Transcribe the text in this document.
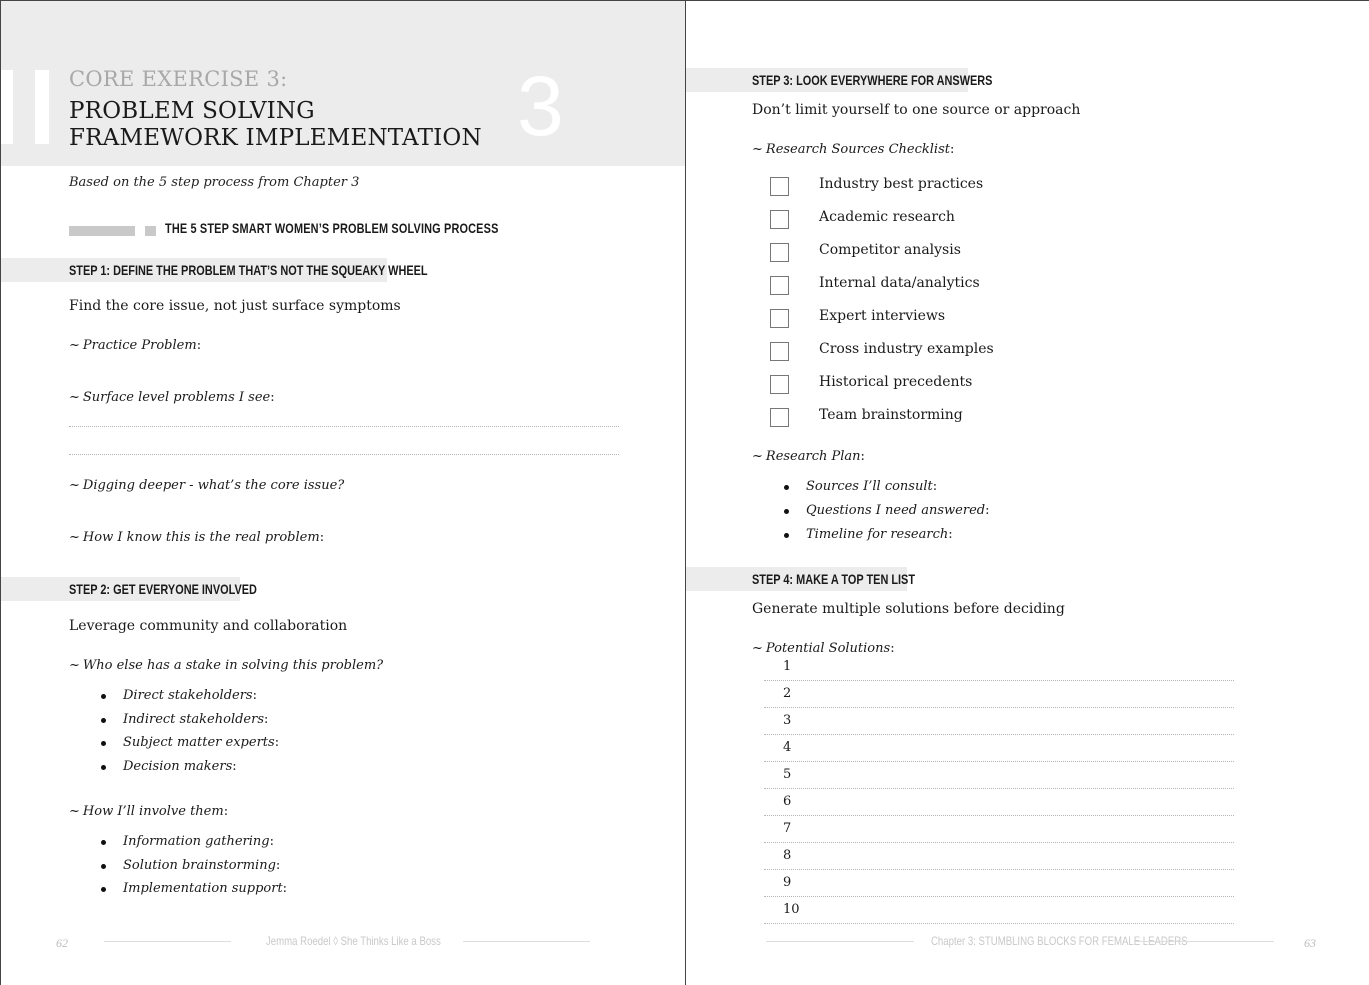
CORE EXERCISE 3:
PROBLEM SOLVING FRAMEWORK IMPLEMENTATION 3
Based on the 5 step process from Chapter 3
THE 5 STEP SMART WOMEN’S PROBLEM SOLVING PROCESS
STEP 1: DEFINE THE PROBLEM THAT’S NOT THE SQUEAKY WHEEL
Find the core issue, not just surface symptoms
~ Practice Problem:
~ Surface level problems I see:
~ Digging deeper - what’s the core issue?
~ How I know this is the real problem:
STEP 2: GET EVERYONE INVOLVED
Leverage community and collaboration
~ Who else has a stake in solving this problem?
Direct stakeholders:
Indirect stakeholders:
Subject matter experts:
Decision makers:
~ How I’ll involve them:
Information gathering:
Solution brainstorming:
Implementation support:
62	Jemma Roedel ◊ She Thinks Like a Boss
STEP 3: LOOK EVERYWHERE FOR ANSWERS
Don’t limit yourself to one source or approach
~ Research Sources Checklist:
Industry best practices
Academic research
Competitor analysis
Internal data/analytics
Expert interviews
Cross industry examples
Historical precedents
Team brainstorming
~ Research Plan:
Sources I’ll consult:
Questions I need answered:
Timeline for research:
STEP 4: MAKE A TOP TEN LIST
Generate multiple solutions before deciding
~ Potential Solutions:
1
2
3
4
5
6
7
8
9
10
Chapter 3: STUMBLING BLOCKS FOR FEMALE LEADERS	63
